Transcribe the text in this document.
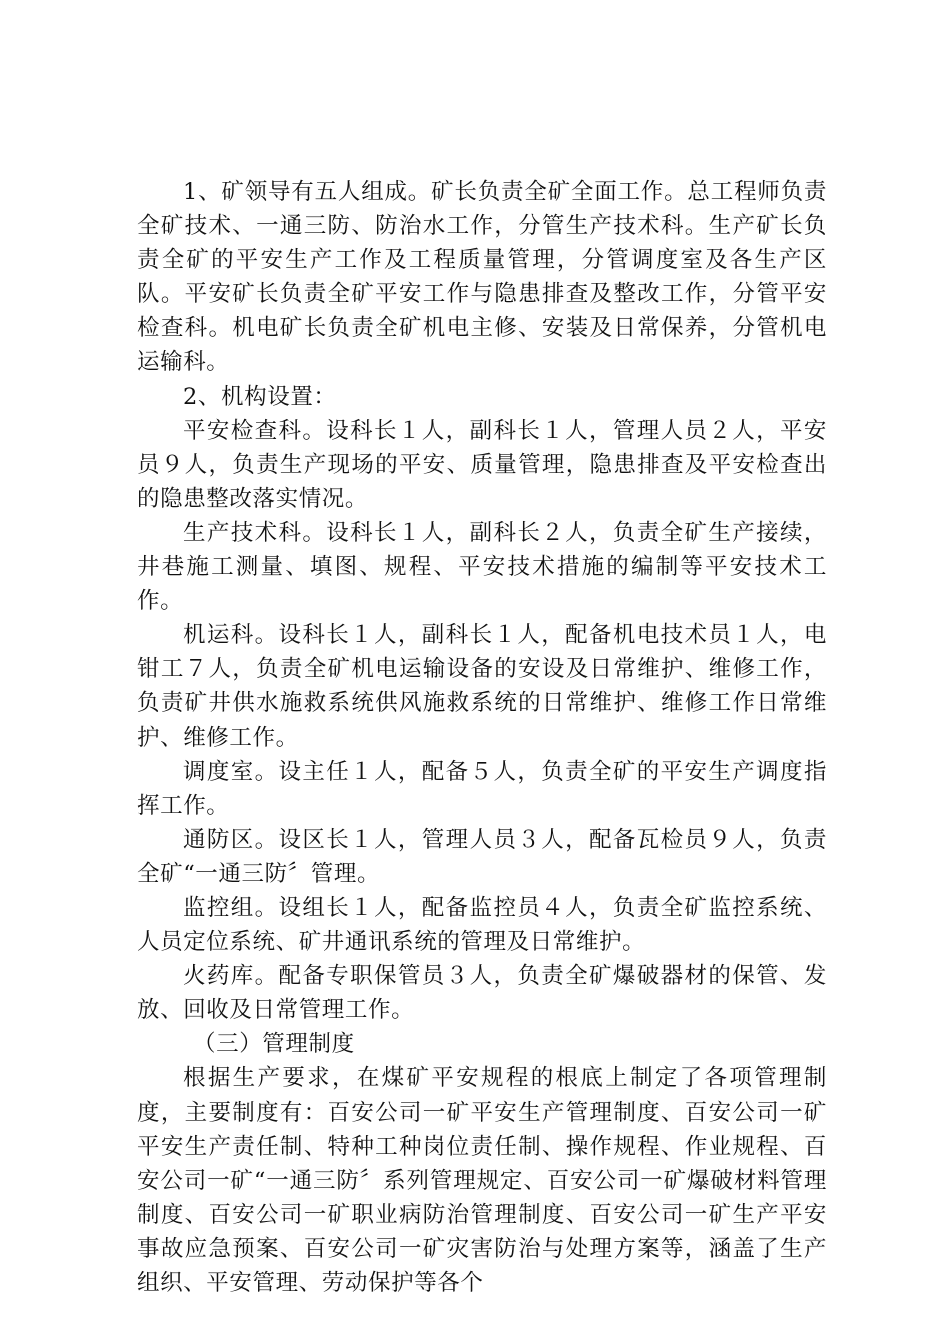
1、矿领导有五人组成。矿长负责全矿全面工作。总工程师负责全矿技术、一通三防、防治水工作，分管生产技术科。生产矿长负责全矿的平安生产工作及工程质量管理，分管调度室及各生产区队。平安矿长负责全矿平安工作与隐患排查及整改工作，分管平安检查科。机电矿长负责全矿机电主修、安装及日常保养，分管机电运输科。

2、机构设置：

平安检查科。设科长１人，副科长１人，管理人员２人，平安员９人，负责生产现场的平安、质量管理，隐患排查及平安检查出的隐患整改落实情况。

生产技术科。设科长１人，副科长２人，负责全矿生产接续，井巷施工测量、填图、规程、平安技术措施的编制等平安技术工作。

机运科。设科长１人，副科长１人，配备机电技术员１人，电钳工７人，负责全矿机电运输设备的安设及日常维护、维修工作，负责矿井供水施救系统供风施救系统的日常维护、维修工作日常维护、维修工作。

调度室。设主任１人，配备５人，负责全矿的平安生产调度指挥工作。

通防区。设区长１人，管理人员３人，配备瓦检员９人，负责全矿“一通三防〞管理。

监控组。设组长１人，配备监控员４人，负责全矿监控系统、人员定位系统、矿井通讯系统的管理及日常维护。

火药库。配备专职保管员３人，负责全矿爆破器材的保管、发放、回收及日常管理工作。

（三）管理制度

根据生产要求，在煤矿平安规程的根底上制定了各项管理制度，主要制度有：百安公司一矿平安生产管理制度、百安公司一矿平安生产责任制、特种工种岗位责任制、操作规程、作业规程、百安公司一矿“一通三防〞系列管理规定、百安公司一矿爆破材料管理制度、百安公司一矿职业病防治管理制度、百安公司一矿生产平安事故应急预案、百安公司一矿灾害防治与处理方案等，涵盖了生产组织、平安管理、劳动保护等各个
